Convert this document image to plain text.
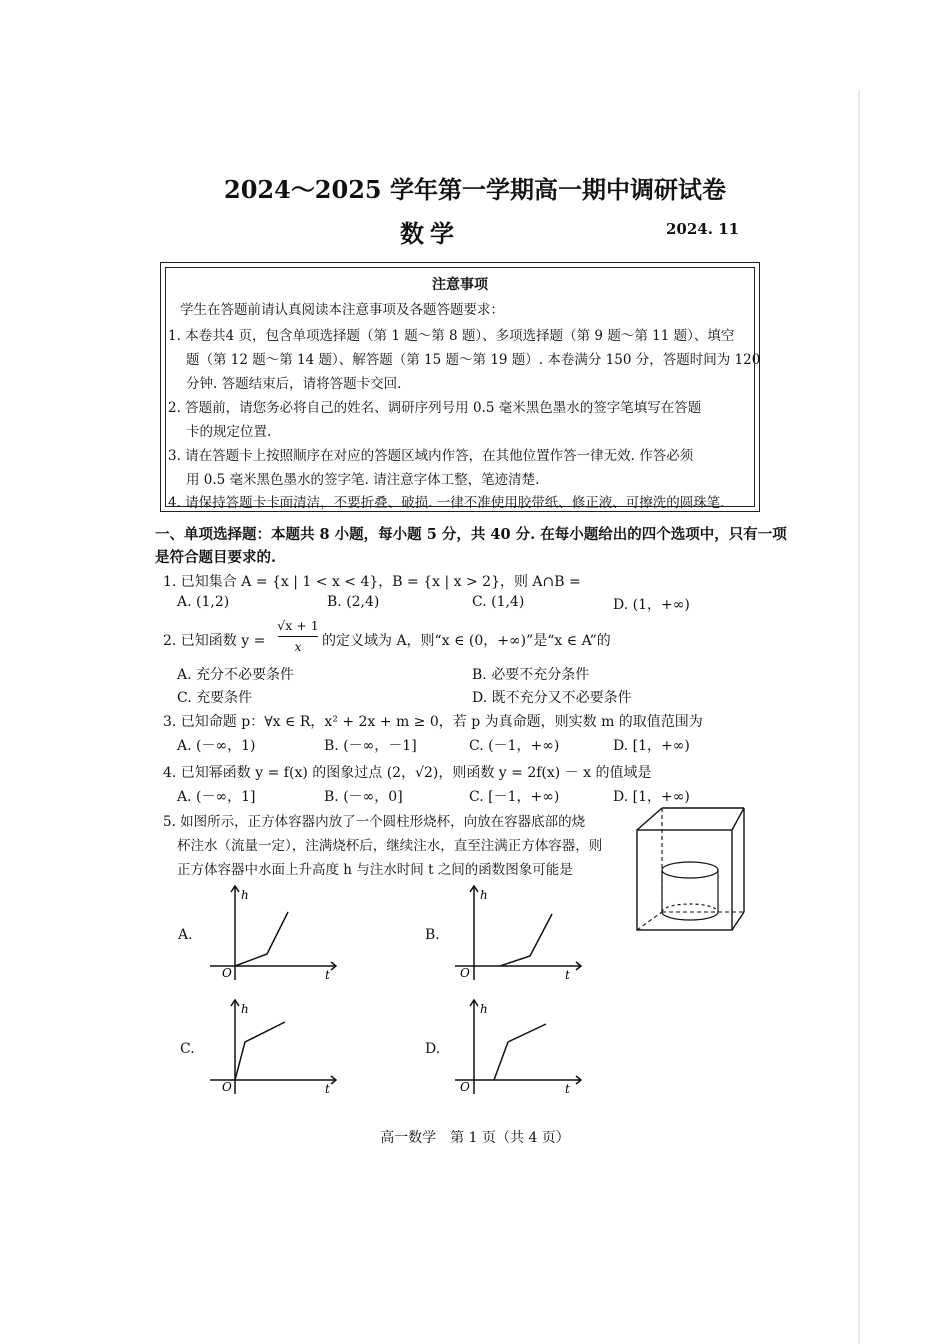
2024～2025 学年第一学期高一期中调研试卷
数学	2024. 11
注意事项
学生在答题前请认真阅读本注意事项及各题答题要求：
1. 本卷共4 页，包含单项选择题（第 1 题～第 8 题）、多项选择题（第 9 题～第 11 题）、填空
题（第 12 题～第 14 题）、解答题（第 15 题～第 19 题）. 本卷满分 150 分，答题时间为 120
分钟. 答题结束后，请将答题卡交回.
2. 答题前，请您务必将自己的姓名、调研序列号用 0.5 毫米黑色墨水的签字笔填写在答题
卡的规定位置.
3. 请在答题卡上按照顺序在对应的答题区域内作答，在其他位置作答一律无效. 作答必须
用 0.5 毫米黑色墨水的签字笔. 请注意字体工整，笔迹清楚.
4. 请保持答题卡卡面清洁，不要折叠、破损. 一律不准使用胶带纸、修正液、可擦洗的圆珠笔.
一、单项选择题：本题共 8 小题，每小题 5 分，共 40 分. 在每小题给出的四个选项中，只有一项
是符合题目要求的.
1. 已知集合 A = {x | 1 < x < 4}，B = {x | x > 2}，则 A∩B =
A. (1,2)	B. (2,4)	C. (1,4)	D. (1，+∞)
2. 已知函数 y =
√x + 1
x	的定义域为 A，则“x ∈ (0，+∞)”是“x ∈ A”的
A. 充分不必要条件	B. 必要不充分条件
C. 充要条件	D. 既不充分又不必要条件
3. 已知命题 p：∀x ∈ R，x² + 2x + m ≥ 0，若 p 为真命题，则实数 m 的取值范围为
A. (－∞，1)	B. (－∞，－1]	C. (－1，+∞)	D. [1，+∞)
4. 已知幂函数 y = f(x) 的图象过点 (2，√2)，则函数 y = 2f(x) － x 的值域是
A. (－∞，1]	B. (－∞，0]	C. [－1，+∞)	D. [1，+∞)
5. 如图所示，正方体容器内放了一个圆柱形烧杯，向放在容器底部的烧
杯注水（流量一定），注满烧杯后，继续注水，直至注满正方体容器，则
正方体容器中水面上升高度 h 与注水时间 t 之间的函数图象可能是
A.
h
t
O
B.
h
t
O
C.
h
t
O
D.
h
t
O
高一数学　第 1 页（共 4 页）
